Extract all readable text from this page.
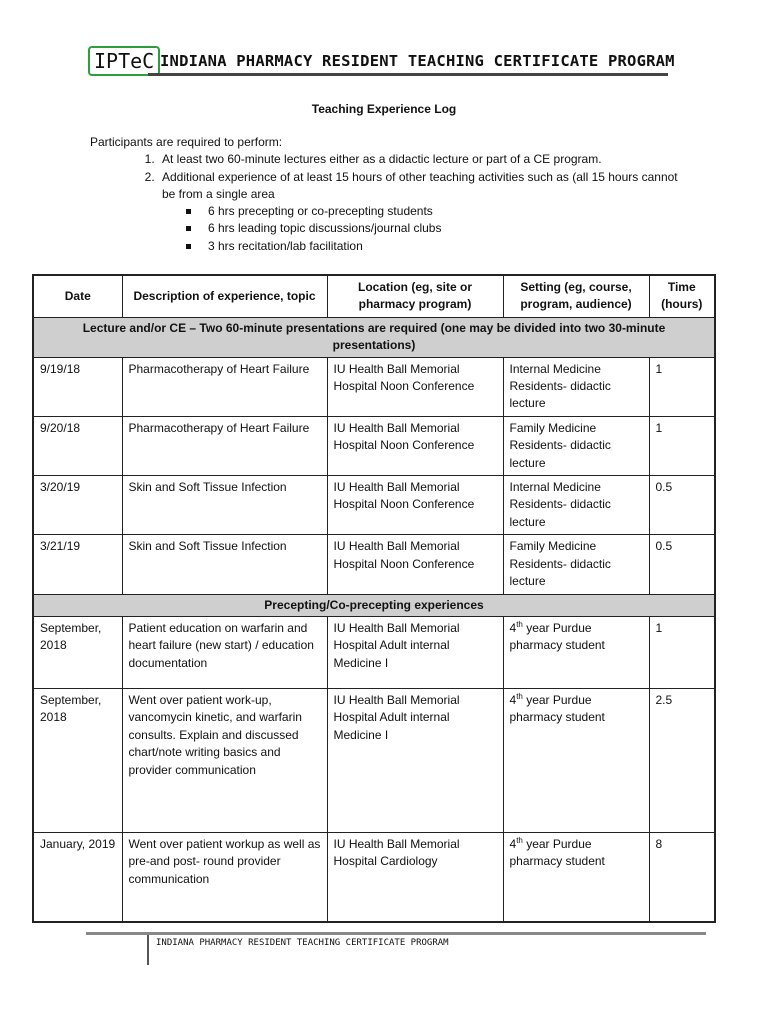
IPTeC INDIANA PHARMACY RESIDENT TEACHING CERTIFICATE PROGRAM
Teaching Experience Log

Participants are required to perform:

1. At least two 60-minute lectures either as a didactic lecture or part of a CE program.
2. Additional experience of at least 15 hours of other teaching activities such as (all 15 hours cannot be from a single area
6 hrs precepting or co-precepting students
6 hrs leading topic discussions/journal clubs
3 hrs recitation/lab facilitation
Date	Description of experience, topic	Location (eg, site or pharmacy program)	Setting (eg, course, program, audience)	Time (hours)
Lecture and/or CE – Two 60-minute presentations are required (one may be divided into two 30-minute presentations)				
9/19/18	Pharmacotherapy of Heart Failure	IU Health Ball Memorial Hospital Noon Conference	Internal Medicine Residents- didactic lecture	1
9/20/18	Pharmacotherapy of Heart Failure	IU Health Ball Memorial Hospital Noon Conference	Family Medicine Residents- didactic lecture	1
3/20/19	Skin and Soft Tissue Infection	IU Health Ball Memorial Hospital Noon Conference	Internal Medicine Residents- didactic lecture	0.5
3/21/19	Skin and Soft Tissue Infection	IU Health Ball Memorial Hospital Noon Conference	Family Medicine Residents- didactic lecture	0.5
Precepting/Co-precepting experiences				
September, 2018	Patient education on warfarin and heart failure (new start) / education documentation	IU Health Ball Memorial Hospital Adult internal Medicine I	4th year Purdue pharmacy student	1
September, 2018	Went over patient work-up, vancomycin kinetic, and warfarin consults. Explain and discussed chart/note writing basics and provider communication	IU Health Ball Memorial Hospital Adult internal Medicine I	4th year Purdue pharmacy student	2.5
January, 2019	Went over patient workup as well as pre-and post- round provider communication	IU Health Ball Memorial Hospital Cardiology	4th year Purdue pharmacy student	8
INDIANA PHARMACY RESIDENT TEACHING CERTIFICATE PROGRAM
